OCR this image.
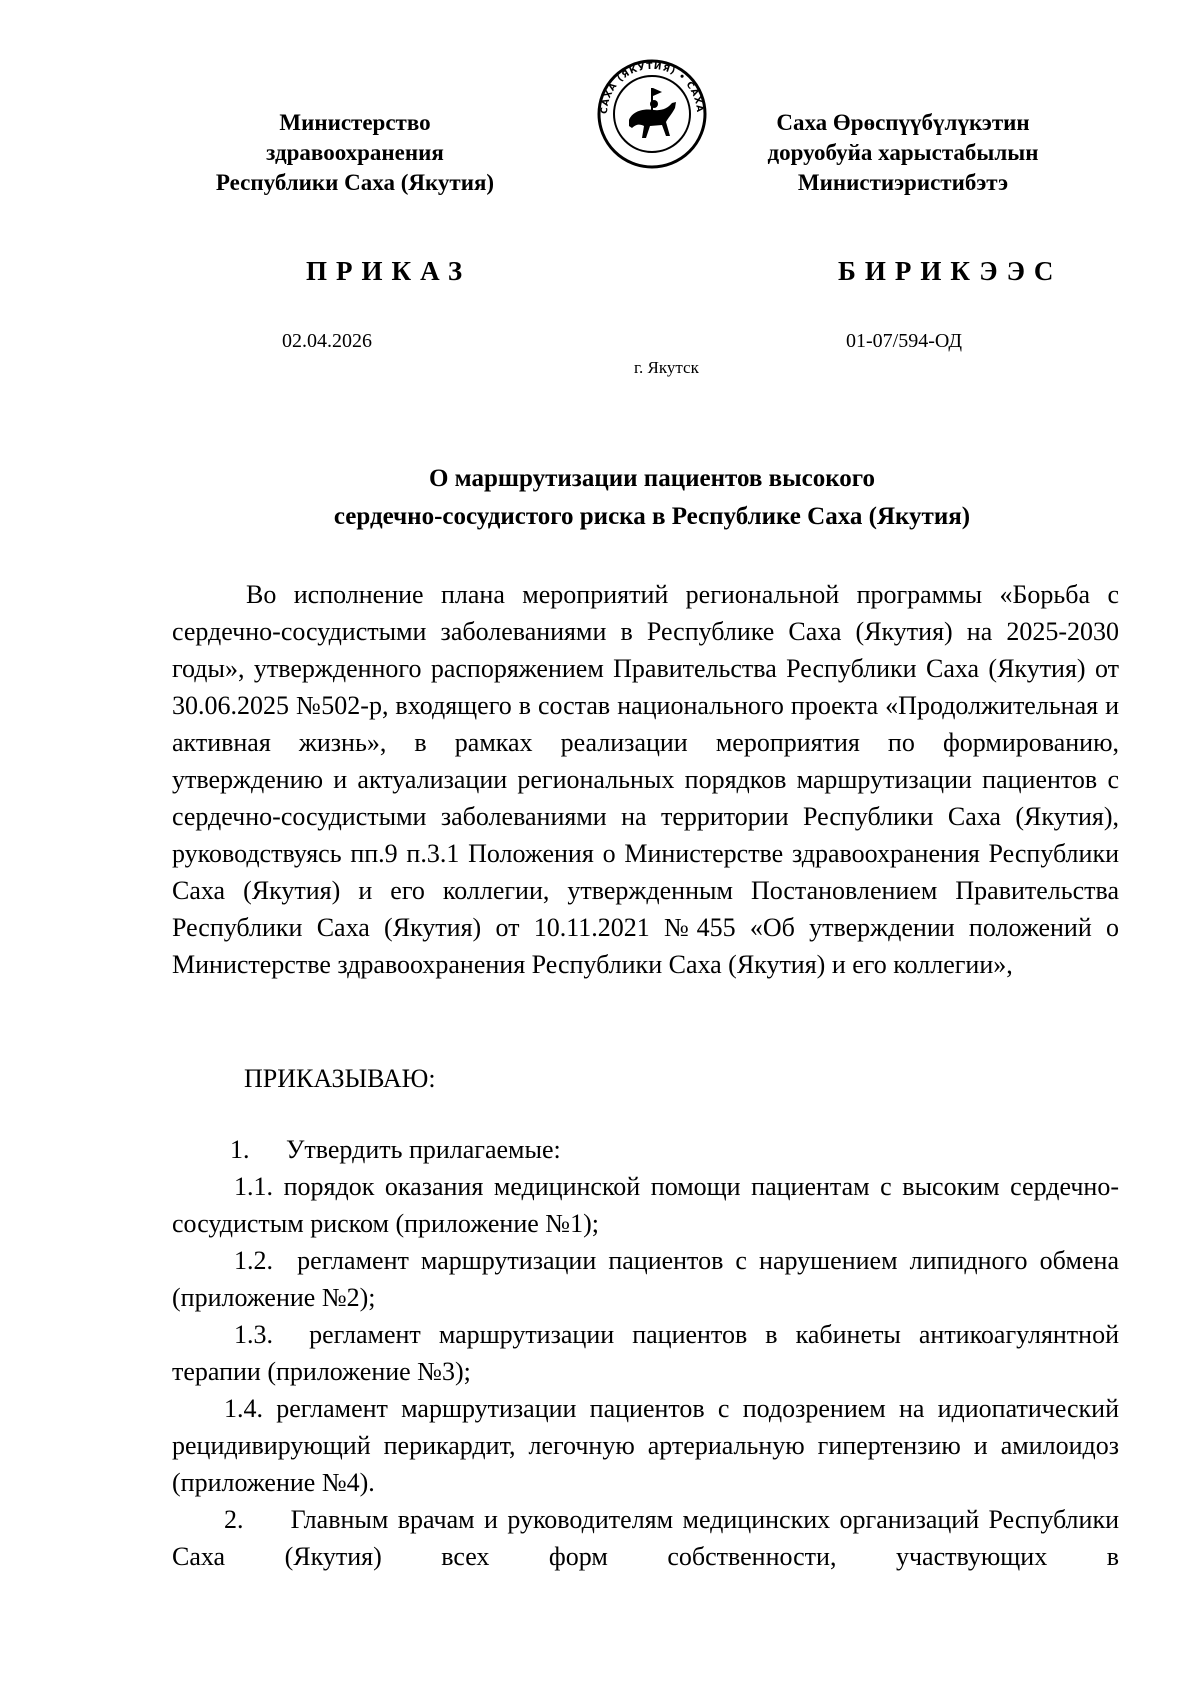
Министерство
здравоохранения
Республики Саха (Якутия)
САХА (ЯКУТИЯ) • САХА
Саха Өрөспүүбүлүкэтин
доруобуйа харыстабылын
Министиэристибэтэ
ПРИКАЗ	БИРИКЭЭС
02.04.2026	01-07/594-ОД
г. Якутск
О маршрутизации пациентов высокого
сердечно-сосудистого риска в Республике Саха (Якутия)
Во исполнение плана мероприятий региональной программы «Борьба с сердечно-сосудистыми заболеваниями в Республике Саха (Якутия) на 2025-2030 годы», утвержденного распоряжением Правительства Республики Саха (Якутия) от 30.06.2025 №502-р, входящего в состав национального проекта «Продолжительная и активная жизнь», в рамках реализации мероприятия по формированию, утверждению и актуализации региональных порядков маршрутизации пациентов с сердечно-сосудистыми заболеваниями на территории Республики Саха (Якутия), руководствуясь пп.9 п.3.1 Положения о Министерстве здравоохранения Республики Саха (Якутия) и его коллегии, утвержденным Постановлением Правительства Республики Саха (Якутия) от 10.11.2021 №455 «Об утверждении положений о Министерстве здравоохранения Республики Саха (Якутия) и его коллегии»,
ПРИКАЗЫВАЮ:
1. Утвердить прилагаемые:
1.1. порядок оказания медицинской помощи пациентам с высоким сердечно-сосудистым риском (приложение №1);
1.2. регламент маршрутизации пациентов с нарушением липидного обмена (приложение №2);
1.3. регламент маршрутизации пациентов в кабинеты антикоагулянтной терапии (приложение №3);
1.4. регламент маршрутизации пациентов с подозрением на идиопатический рецидивирующий перикардит, легочную артериальную гипертензию и амилоидоз (приложение №4).
2. Главным врачам и руководителям медицинских организаций Республики Саха (Якутия) всех форм собственности, участвующих в
